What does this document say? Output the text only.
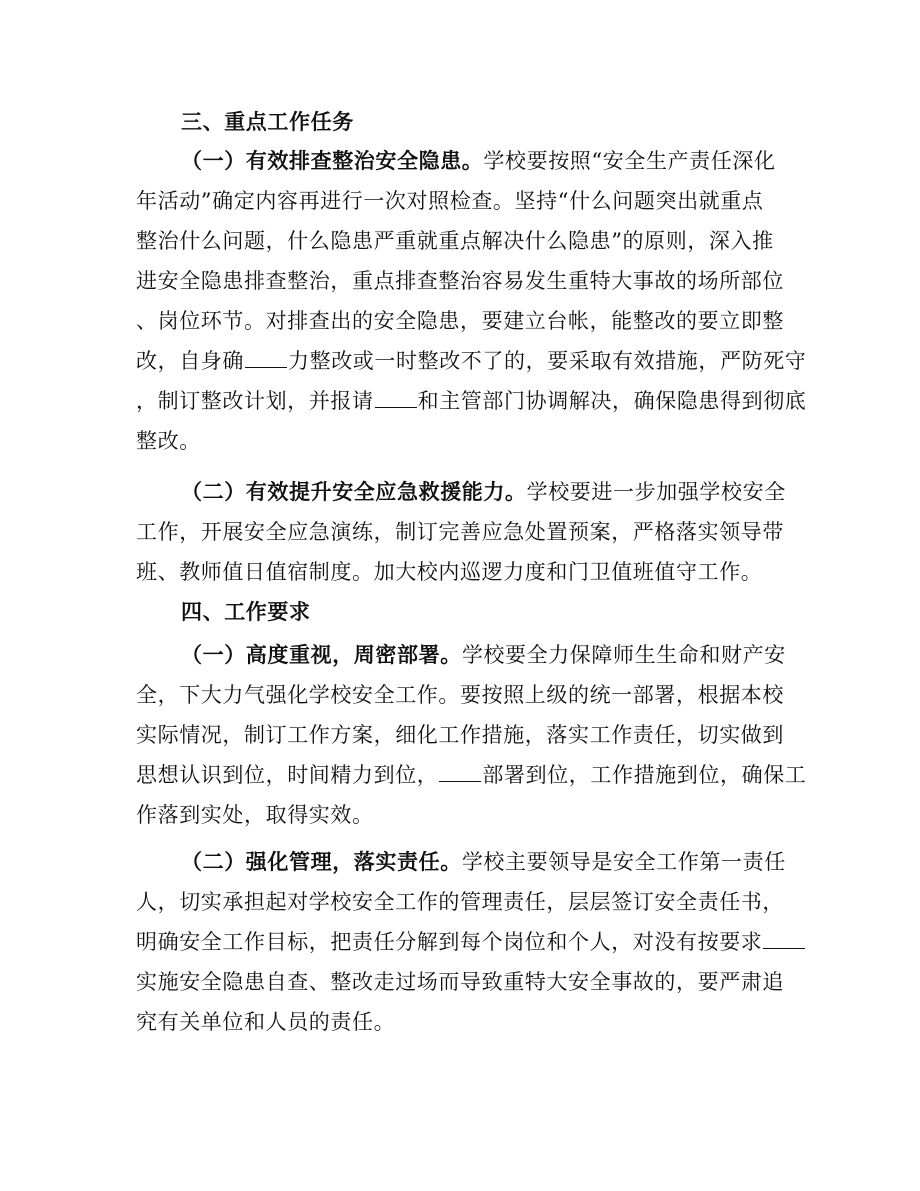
三、重点工作任务
（一）有效排查整治安全隐患。学校要按照“安全生产责任深化
年活动”确定内容再进行一次对照检查。坚持“什么问题突出就重点
整治什么问题，什么隐患严重就重点解决什么隐患”的原则，深入推
进安全隐患排查整治，重点排查整治容易发生重特大事故的场所部位
、岗位环节。对排查出的安全隐患，要建立台帐，能整改的要立即整
改，自身确 力整改或一时整改不了的，要采取有效措施，严防死守
，制订整改计划，并报请 和主管部门协调解决，确保隐患得到彻底
整改。
（二）有效提升安全应急救援能力。学校要进一步加强学校安全
工作，开展安全应急演练，制订完善应急处置预案，严格落实领导带
班、教师值日值宿制度。加大校内巡逻力度和门卫值班值守工作。
四、工作要求
（一）高度重视，周密部署。学校要全力保障师生生命和财产安
全，下大力气强化学校安全工作。要按照上级的统一部署，根据本校
实际情况，制订工作方案，细化工作措施，落实工作责任，切实做到
思想认识到位，时间精力到位， 部署到位，工作措施到位，确保工
作落到实处，取得实效。
（二）强化管理，落实责任。学校主要领导是安全工作第一责任
人，切实承担起对学校安全工作的管理责任，层层签订安全责任书，
明确安全工作目标，把责任分解到每个岗位和个人，对没有按要求
实施安全隐患自查、整改走过场而导致重特大安全事故的，要严肃追
究有关单位和人员的责任。
